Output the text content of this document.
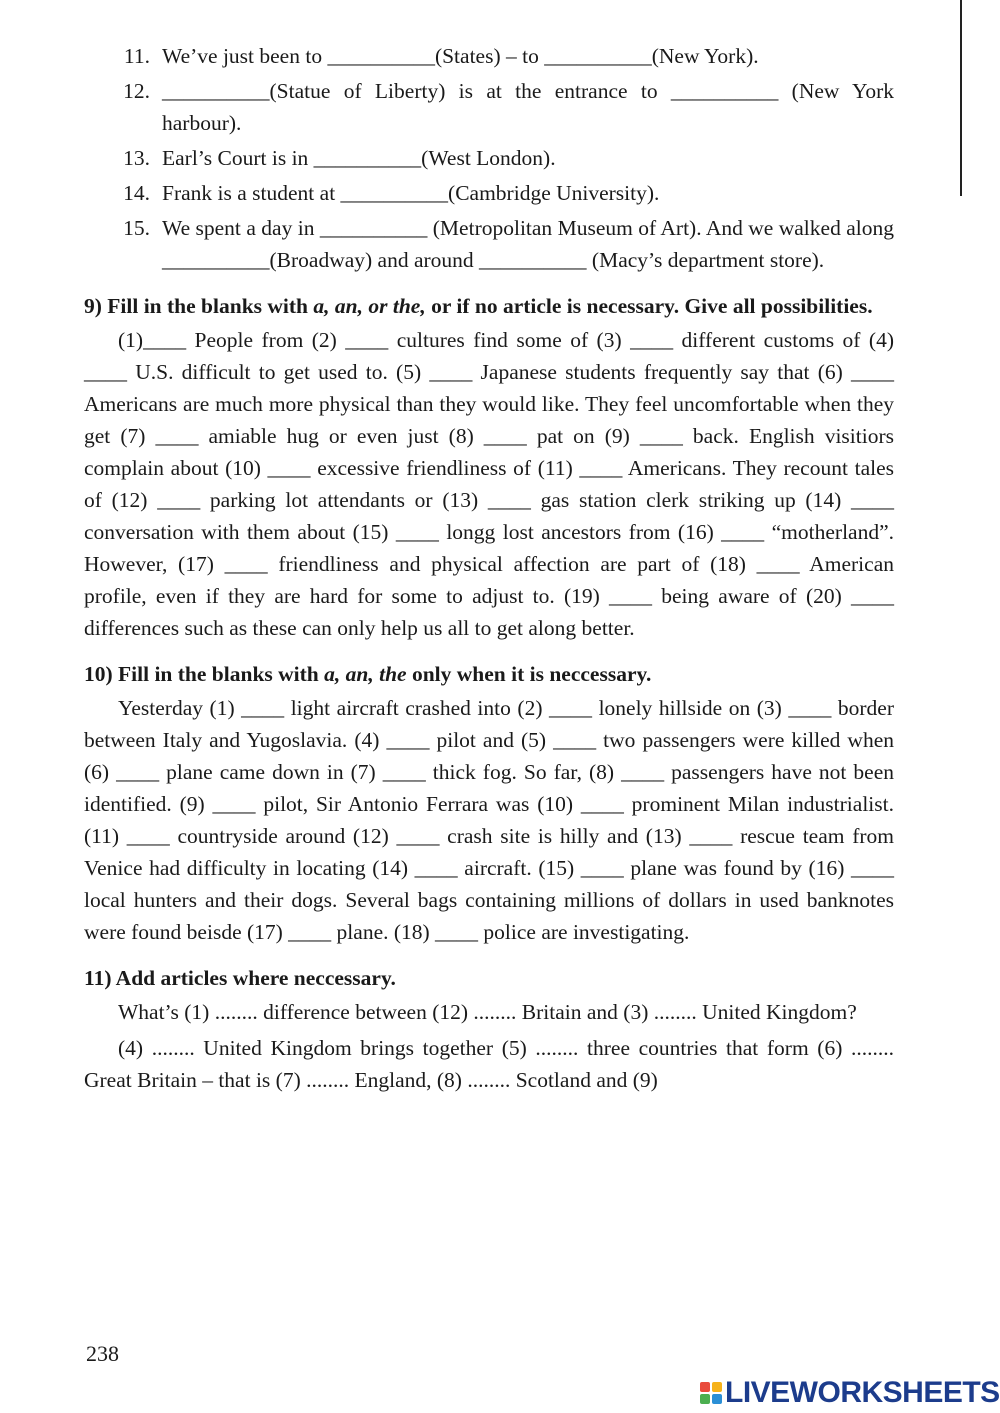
11. We’ve just been to __________(States) – to __________(New York).
12. __________(Statue of Liberty) is at the entrance to __________ (New York harbour).
13. Earl’s Court is in __________(West London).
14. Frank is a student at __________(Cambridge University).
15. We spent a day in __________ (Metropolitan Museum of Art). And we walked along __________(Broadway) and around __________ (Macy’s department store).
9) Fill in the blanks with a, an, or the, or if no article is necessary. Give all possibilities.

(1)____ People from (2) ____ cultures find some of (3) ____ different customs of (4) ____ U.S. difficult to get used to. (5) ____ Japanese students frequently say that (6) ____ Americans are much more physical than they would like. They feel uncomfortable when they get (7) ____ amiable hug or even just (8) ____ pat on (9) ____ back. English visitiors complain about (10) ____ excessive friendliness of (11) ____ Americans. They recount tales of (12) ____ parking lot attendants or (13) ____ gas station clerk striking up (14) ____ conversation with them about (15) ____ longg lost ancestors from (16) ____ “motherland”. However, (17) ____ friendliness and physical affection are part of (18) ____ American profile, even if they are hard for some to adjust to. (19) ____ being aware of (20) ____ differences such as these can only help us all to get along better.

10) Fill in the blanks with a, an, the only when it is neccessary.

Yesterday (1) ____ light aircraft crashed into (2) ____ lonely hillside on (3) ____ border between Italy and Yugoslavia. (4) ____ pilot and (5) ____ two passengers were killed when (6) ____ plane came down in (7) ____ thick fog. So far, (8) ____ passengers have not been identified. (9) ____ pilot, Sir Antonio Ferrara was (10) ____ prominent Milan industrialist. (11) ____ countryside around (12) ____ crash site is hilly and (13) ____ rescue team from Venice had difficulty in locating (14) ____ aircraft. (15) ____ plane was found by (16) ____ local hunters and their dogs. Several bags containing millions of dollars in used banknotes were found beisde (17) ____ plane. (18) ____ police are investigating.

11) Add articles where neccessary.

What’s (1) ........ difference between (12) ........ Britain and (3) ........ United Kingdom?

(4) ........ United Kingdom brings together (5) ........ three countries that form (6) ........ Great Britain – that is (7) ........ England, (8) ........ Scotland and (9)

238
LIVEWORKSHEETS
